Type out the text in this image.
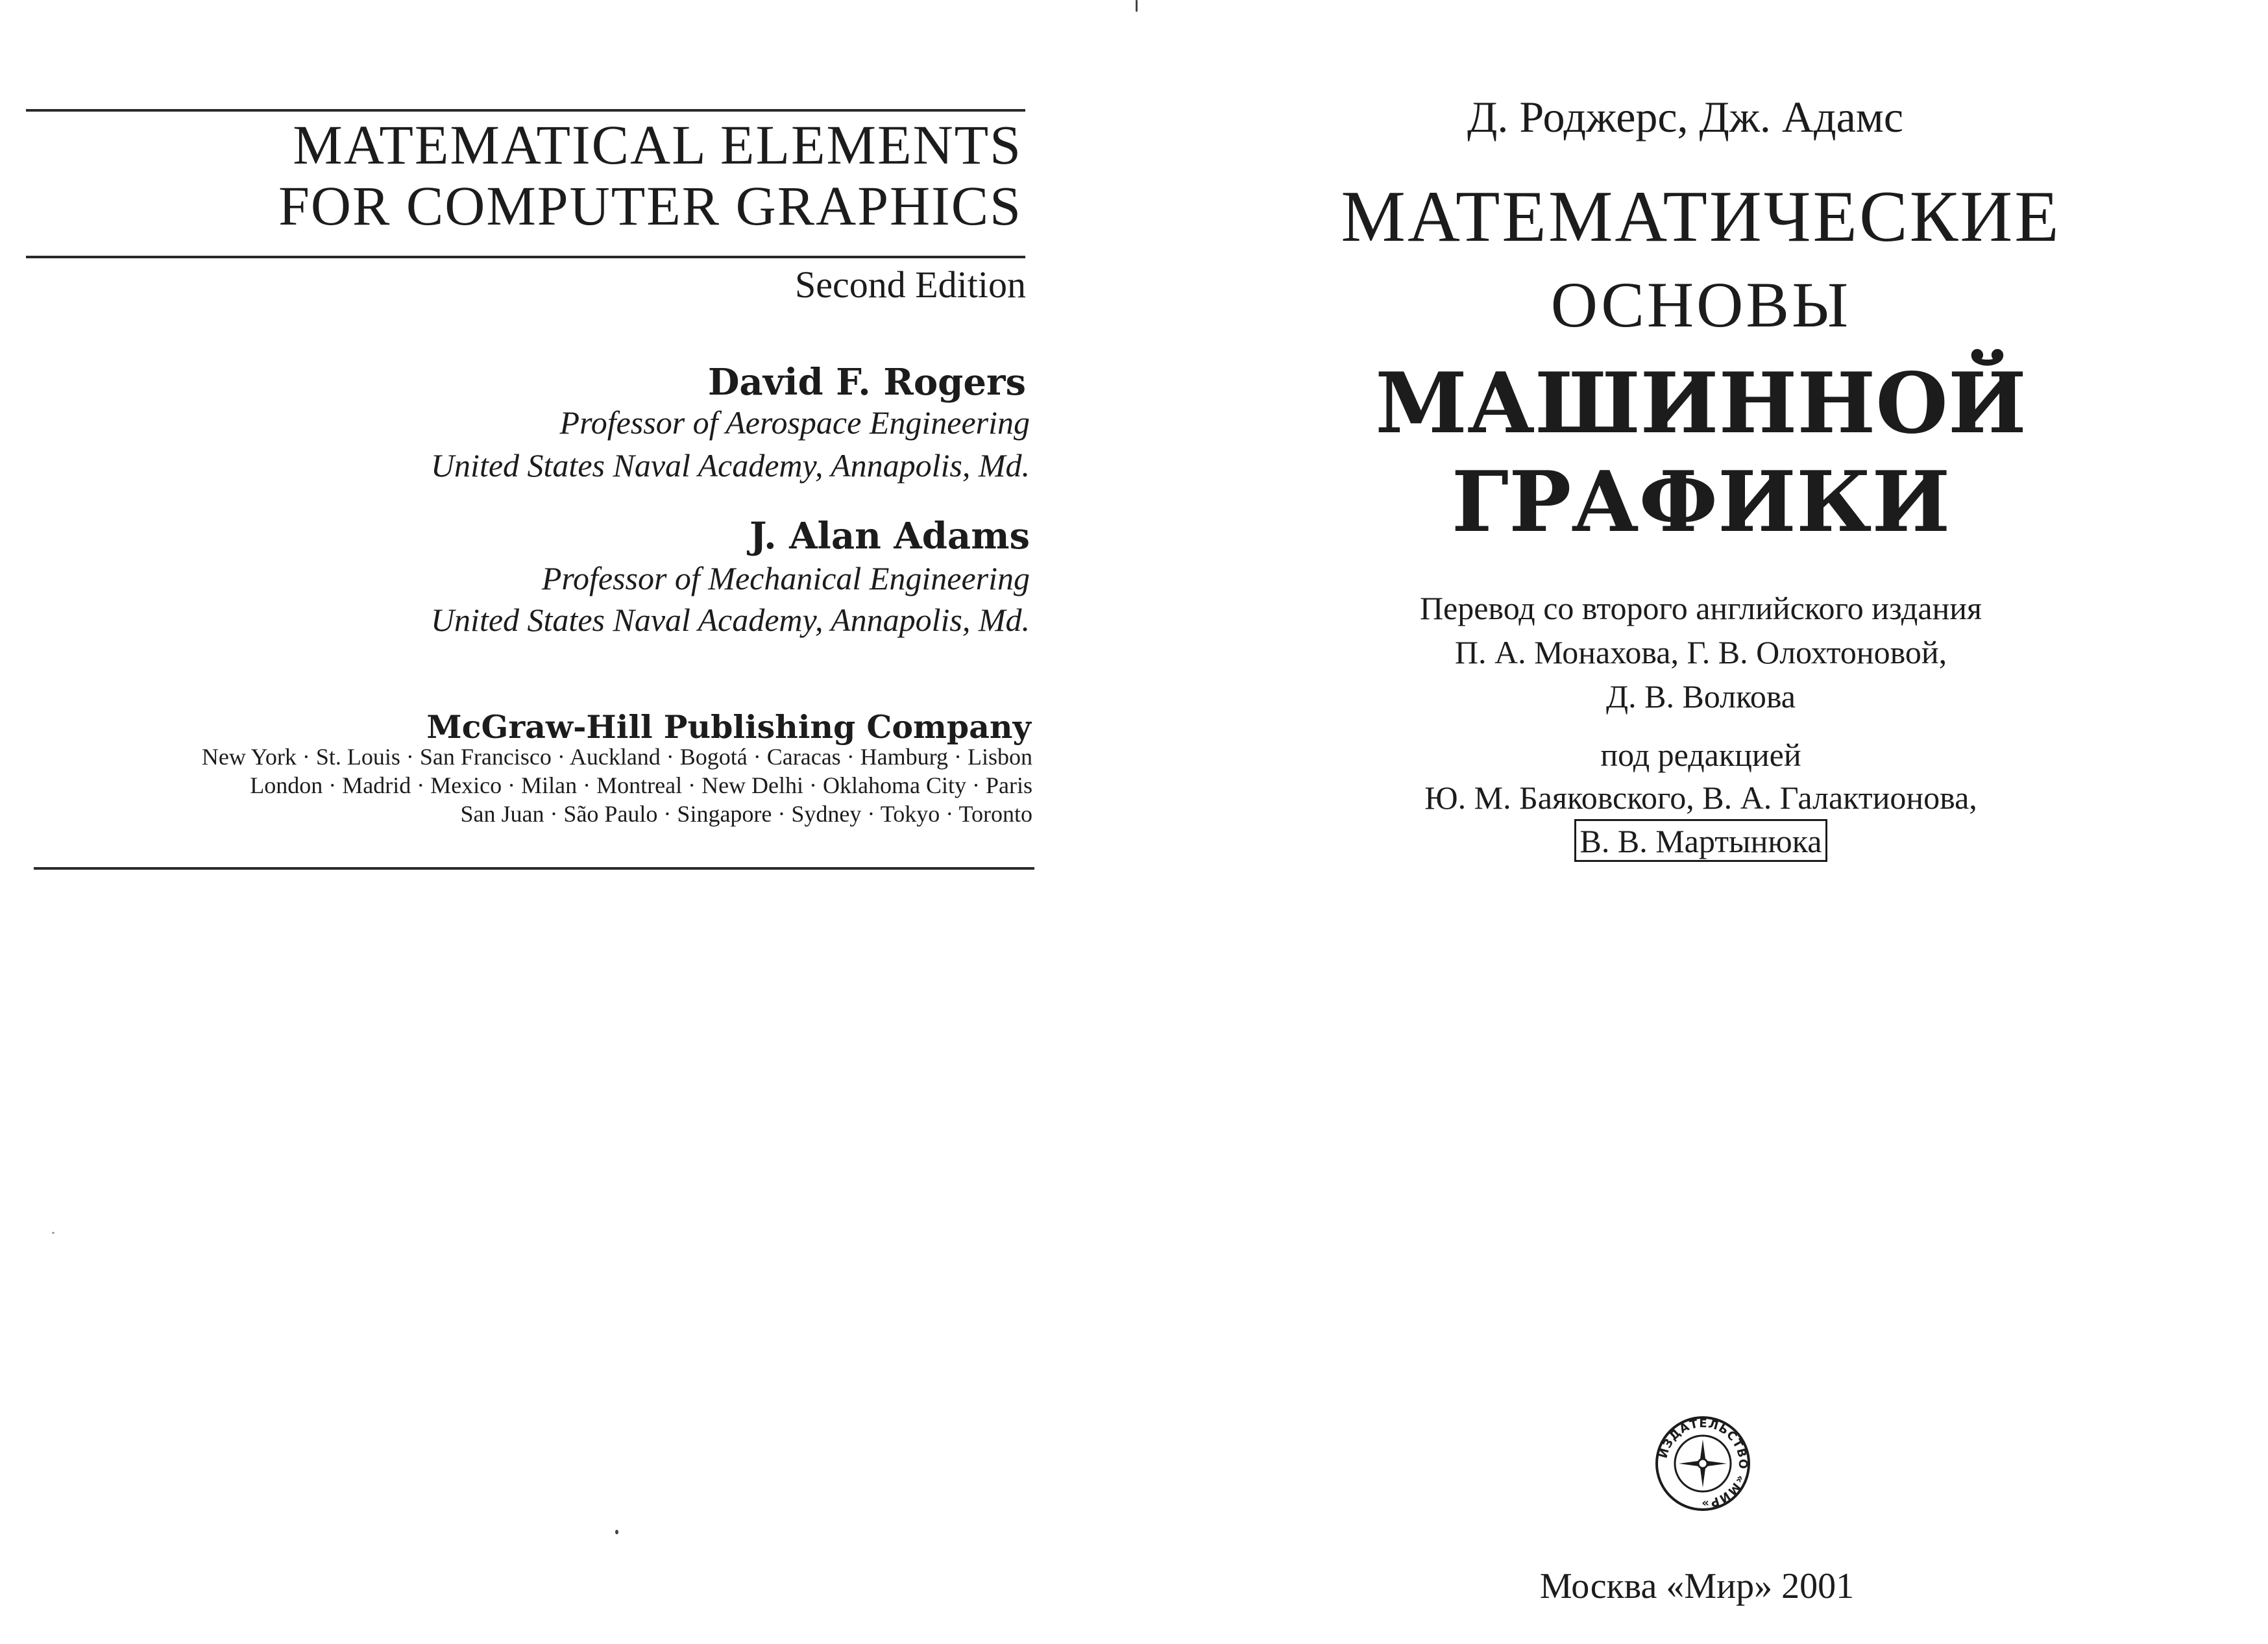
MATEMATICAL ELEMENTS
FOR COMPUTER GRAPHICS
Second Edition
David F. Rogers
Professor of Aerospace Engineering
United States Naval Academy, Annapolis, Md.
J. Alan Adams
Professor of Mechanical Engineering
United States Naval Academy, Annapolis, Md.
McGraw-Hill Publishing Company
New York · St. Louis · San Francisco · Auckland · Bogotá · Caracas · Hamburg · Lisbon
London · Madrid · Mexico · Milan · Montreal · New Delhi · Oklahoma City · Paris
San Juan · São Paulo · Singapore · Sydney · Tokyo · Toronto
Д. Роджерс, Дж. Адамс
МАТЕМАТИЧЕСКИЕ
ОСНОВЫ
МАШИННОЙ
ГРАФИКИ
Перевод со второго английского издания
П. А. Монахова, Г. В. Олохтоновой,
Д. В. Волкова
под редакцией
Ю. М. Баяковского, В. А. Галактионова,
В. В. Мартынюка
ИЗДАТЕЛЬСТВО «МИР»
Москва «Мир» 2001
